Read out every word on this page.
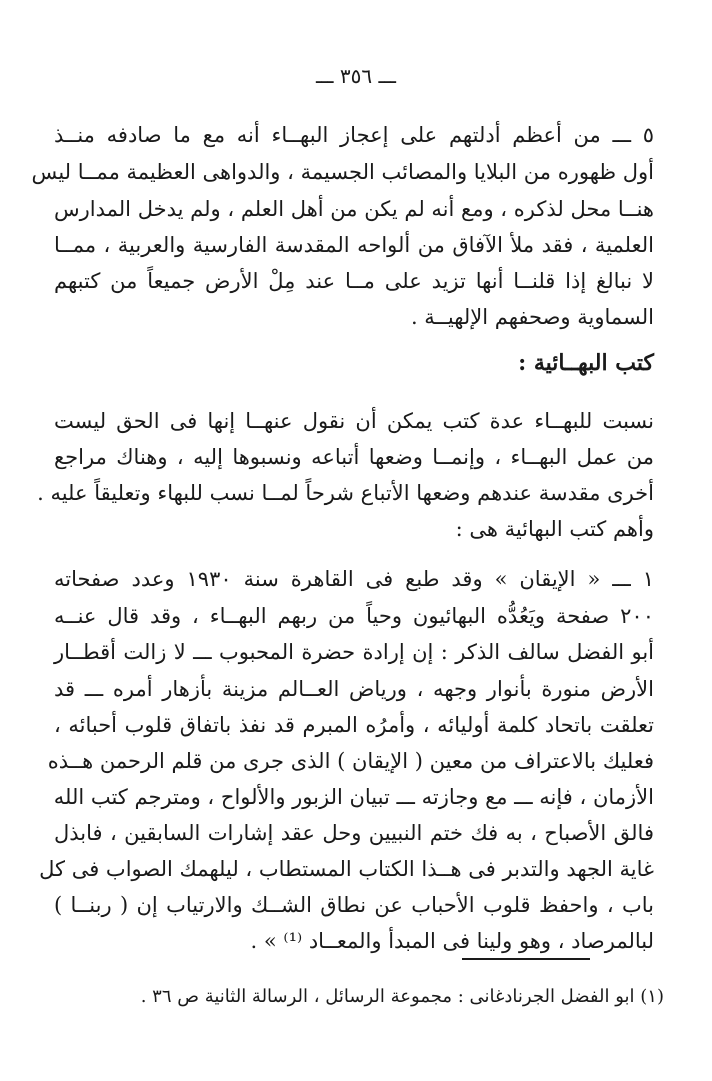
ـــ ٣٥٦ ـــ
٥ ـــ من أعظم أدلتهم على إعجاز البهــاء أنه مع ما صادفه منــذ
أول ظهوره من البلايا والمصائب الجسيمة ، والدواهى العظيمة ممــا ليس
هنــا محل لذكره ، ومع أنه لم يكن من أهل العلم ، ولم يدخل المدارس
العلمية ، فقد ملأ الآفاق من ألواحه المقدسة الفارسية والعربية ، ممــا
لا نبالغ إذا قلنــا أنها تزيد على مــا عند مِلْ الأرض جميعاً من كتبهم
السماوية وصحفهم الإلهيــة .
كتب البهــائية :
نسبت للبهــاء عدة كتب يمكن أن نقول عنهــا إنها فى الحق ليست
من عمل البهــاء ، وإنمــا وضعها أتباعه ونسبوها إليه ، وهناك مراجع
أخرى مقدسة عندهم وضعها الأتباع شرحاً لمــا نسب للبهاء وتعليقاً عليه .
وأهم كتب البهائية هى :
١ ـــ « الإيقان » وقد طبع فى القاهرة سنة ١٩٣٠ وعدد صفحاته
٢٠٠ صفحة ويَعُدُّه البهائيون وحياً من ربهم البهــاء ، وقد قال عنــه
أبو الفضل سالف الذكر : إن إرادة حضرة المحبوب ـــ لا زالت أقطــار
الأرض منورة بأنوار وجهه ، ورياض العــالم مزينة بأزهار أمره ـــ قد
تعلقت باتحاد كلمة أوليائه ، وأمرُه المبرم قد نفذ باتفاق قلوب أحبائه ،
فعليك بالاعتراف من معين ( الإيقان ) الذى جرى من قلم الرحمن هــذه
الأزمان ، فإنه ـــ مع وجازته ـــ تبيان الزبور والألواح ، ومترجم كتب الله
فالق الأصباح ، به فك ختم النبيين وحل عقد إشارات السابقين ، فابذل
غاية الجهد والتدبر فى هــذا الكتاب المستطاب ، ليلهمك الصواب فى كل
باب ، واحفظ قلوب الأحباب عن نطاق الشــك والارتياب إن ( ربنــا )
لبالمرصاد ، وهو ولينا فى المبدأ والمعــاد ⁽¹⁾ » .
(١) ابو الفضل الجرنادغانى : مجموعة الرسائل ، الرسالة الثانية ص ٣٦ .
